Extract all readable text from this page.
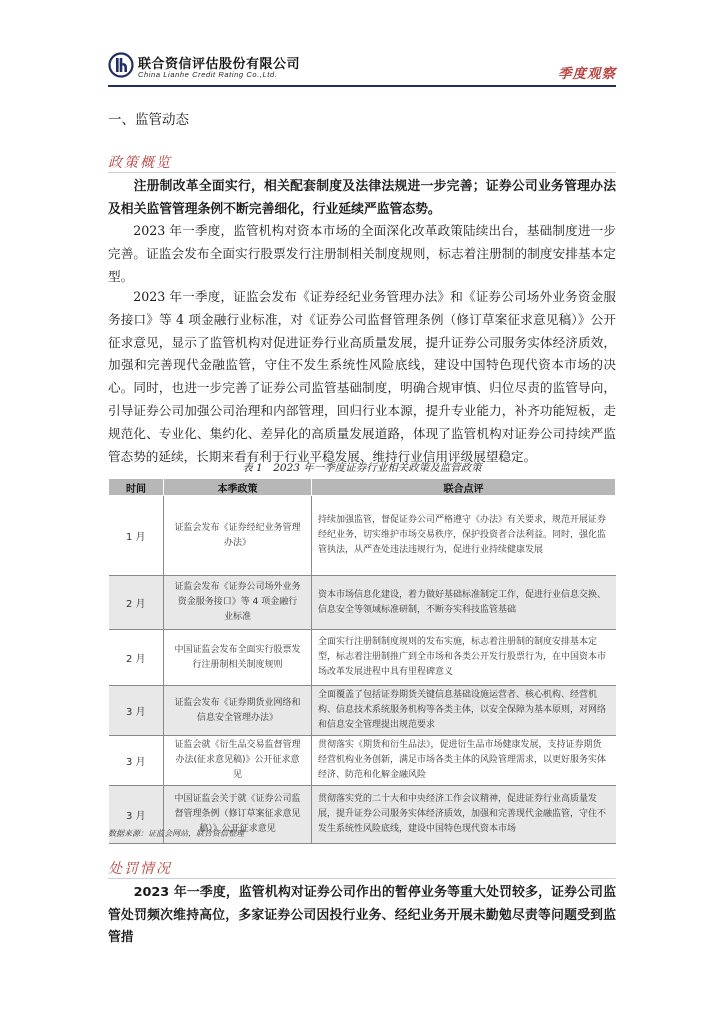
联合资信评估股份有限公司
China Lianhe Credit Rating Co.,Ltd.	季度观察
一、监管动态
政策概览
注册制改革全面实行，相关配套制度及法律法规进一步完善；证券公司业务管理办法及相关监管管理条例不断完善细化，行业延续严监管态势。
2023 年一季度，监管机构对资本市场的全面深化改革政策陆续出台，基础制度进一步完善。证监会发布全面实行股票发行注册制相关制度规则，标志着注册制的制度安排基本定型。
2023 年一季度，证监会发布《证券经纪业务管理办法》和《证券公司场外业务资金服务接口》等 4 项金融行业标准，对《证券公司监督管理条例（修订草案征求意见稿）》公开征求意见，显示了监管机构对促进证券行业高质量发展，提升证券公司服务实体经济质效，加强和完善现代金融监管，守住不发生系统性风险底线，建设中国特色现代资本市场的决心。同时，也进一步完善了证券公司监管基础制度，明确合规审慎、归位尽责的监管导向，引导证券公司加强公司治理和内部管理，回归行业本源，提升专业能力，补齐功能短板，走规范化、专业化、集约化、差异化的高质量发展道路，体现了监管机构对证券公司持续严监管态势的延续，长期来看有利于行业平稳发展、维持行业信用评级展望稳定。
表 1　2023 年一季度证券行业相关政策及监管政策
时间	本季政策	联合点评
1 月	证监会发布《证券经纪业务管理办法》	持续加强监管，督促证券公司严格遵守《办法》有关要求，规范开展证券经纪业务，切实维护市场交易秩序，保护投资者合法利益。同时，强化监管执法，从严查处违法违规行为，促进行业持续健康发展
2 月	证监会发布《证券公司场外业务资金服务接口》等 4 项金融行业标准	资本市场信息化建设，着力做好基础标准制定工作，促进行业信息交换、信息安全等领域标准研制，不断夯实科技监管基础
2 月	中国证监会发布全面实行股票发行注册制相关制度规则	全面实行注册制制度规则的发布实施，标志着注册制的制度安排基本定型，标志着注册制推广到全市场和各类公开发行股票行为，在中国资本市场改革发展进程中具有里程碑意义
3 月	证监会发布《证券期货业网络和信息安全管理办法》	全面覆盖了包括证券期货关键信息基础设施运营者、核心机构、经营机构、信息技术系统服务机构等各类主体，以安全保障为基本原则，对网络和信息安全管理提出规范要求
3 月	证监会就《衍生品交易监督管理办法(征求意见稿)》公开征求意见	贯彻落实《期货和衍生品法》，促进衍生品市场健康发展，支持证券期货经营机构业务创新，满足市场各类主体的风险管理需求，以更好服务实体经济、防范和化解金融风险
3 月	中国证监会关于就《证券公司监督管理条例（修订草案征求意见稿）》公开征求意见	贯彻落实党的二十大和中央经济工作会议精神，促进证券行业高质量发展，提升证券公司服务实体经济质效，加强和完善现代金融监管，守住不发生系统性风险底线，建设中国特色现代资本市场
数据来源：证监会网站，联合资信整理
处罚情况
2023 年一季度，监管机构对证券公司作出的暂停业务等重大处罚较多，证券公司监管处罚频次维持高位，多家证券公司因投行业务、经纪业务开展未勤勉尽责等问题受到监管措
